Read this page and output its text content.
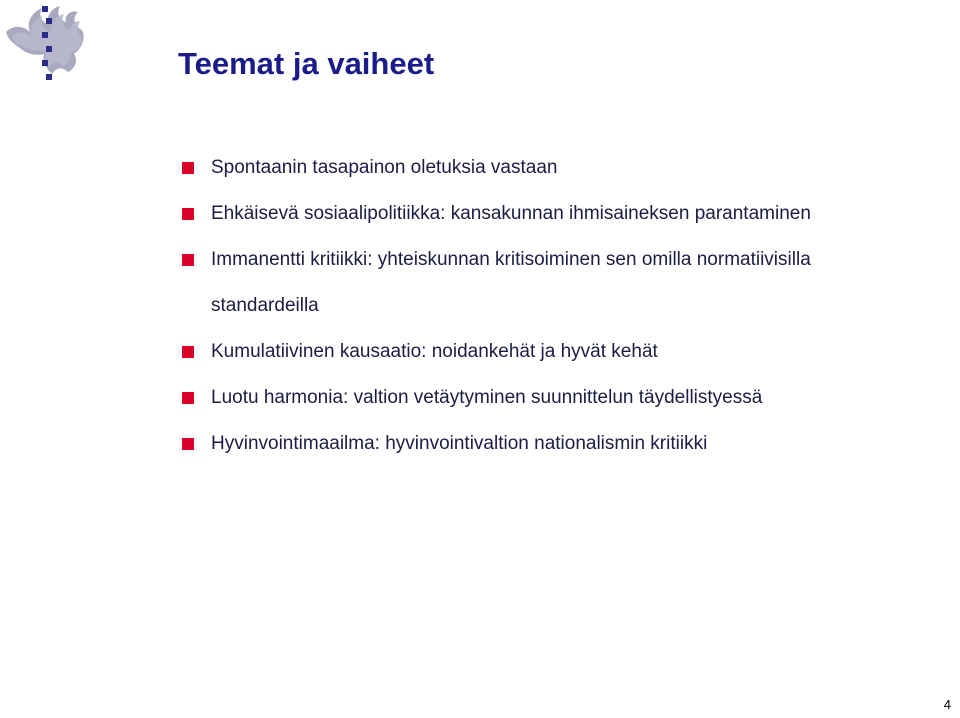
Teemat ja vaiheet
Spontaanin tasapainon oletuksia vastaan
Ehkäisevä sosiaalipolitiikka: kansakunnan ihmisaineksen parantaminen
Immanentti kritiikki: yhteiskunnan kritisoiminen sen omilla normatiivisilla
standardeilla
Kumulatiivinen kausaatio: noidankehät ja hyvät kehät
Luotu harmonia: valtion vetäytyminen suunnittelun täydellistyessä
Hyvinvointimaailma: hyvinvointivaltion nationalismin kritiikki
4
